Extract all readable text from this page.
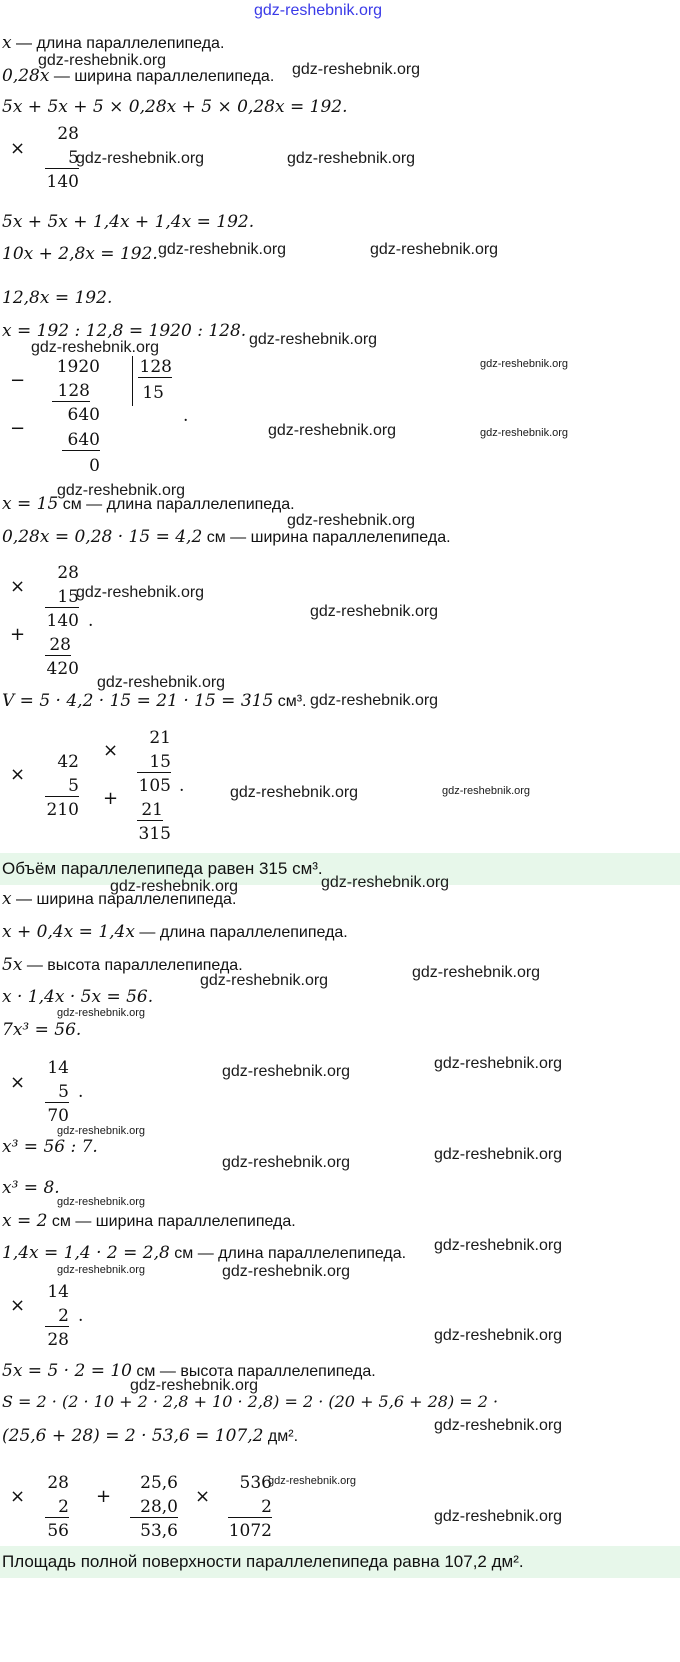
gdz-reshebnik.org
x — длина параллелепипеда.
0,28x — ширина параллелепипеда.
5x + 5x + 5 × 0,28x + 5 × 0,28x = 192.
×
28
5
140
5x + 5x + 1,4x + 1,4x = 192.
10x + 2,8x = 192.
12,8x = 192.
x = 192 : 12,8 = 1920 : 128.
−
1920
128
128
15
−
640
640
0
.
x = 15 см — длина параллелепипеда.
0,28x = 0,28 · 15 = 4,2 см — ширина параллелепипеда.
×
+
28
15
140
28
420
.
V = 5 · 4,2 · 15 = 21 · 15 = 315 см³.
×
42
5
210
×
+
21
15
105
21
315
.
Объём параллелепипеда равен 315 см³.
x — ширина параллелепипеда.
x + 0,4x = 1,4x — длина параллелепипеда.
5x — высота параллелепипеда.
x · 1,4x · 5x = 56.
7x³ = 56.
×
14
5
70
.
x³ = 56 : 7.
x³ = 8.
x = 2 см — ширина параллелепипеда.
1,4x = 1,4 · 2 = 2,8 см — длина параллелепипеда.
×
14
2
28
.
5x = 5 · 2 = 10 см — высота параллелепипеда.
S = 2 · (2 · 10 + 2 · 2,8 + 10 · 2,8) = 2 · (20 + 5,6 + 28) = 2 ·
(25,6 + 28) = 2 · 53,6 = 107,2 дм².
×
28
2
56
+
25,6
28,0
53,6
×
536
2
1072
Площадь полной поверхности параллелепипеда равна 107,2 дм².
gdz-reshebnik.org
gdz-reshebnik.org
gdz-reshebnik.org	gdz-reshebnik.org
gdz-reshebnik.org	gdz-reshebnik.org
gdz-reshebnik.org
gdz-reshebnik.org
gdz-reshebnik.org
gdz-reshebnik.org	gdz-reshebnik.org
gdz-reshebnik.org
gdz-reshebnik.org
gdz-reshebnik.org
gdz-reshebnik.org
gdz-reshebnik.org
gdz-reshebnik.org
gdz-reshebnik.org	gdz-reshebnik.org
gdz-reshebnik.org	gdz-reshebnik.org
gdz-reshebnik.org
gdz-reshebnik.org
gdz-reshebnik.org
gdz-reshebnik.org
gdz-reshebnik.org
gdz-reshebnik.org
gdz-reshebnik.org
gdz-reshebnik.org
gdz-reshebnik.org
gdz-reshebnik.org
gdz-reshebnik.org	gdz-reshebnik.org
gdz-reshebnik.org
gdz-reshebnik.org
gdz-reshebnik.org
gdz-reshebnik.org
gdz-reshebnik.org
